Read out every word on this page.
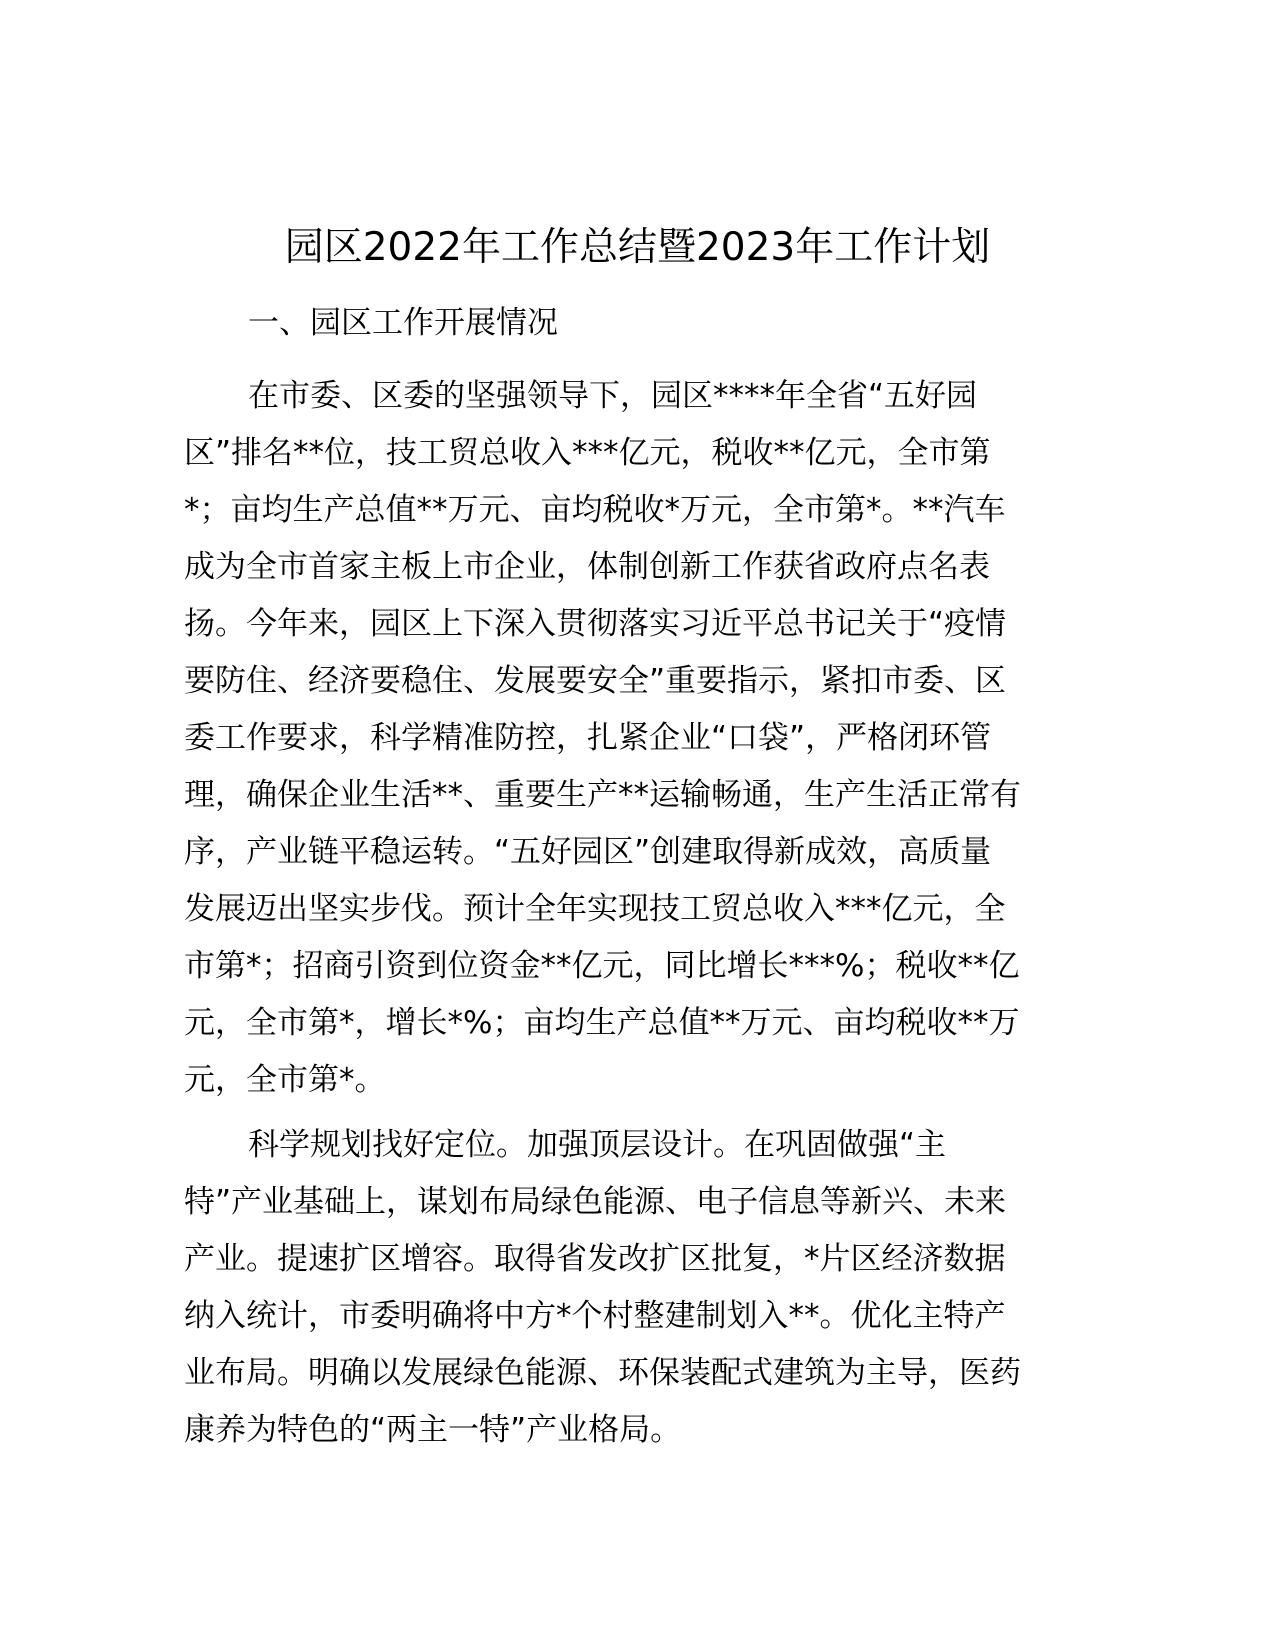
园区2022年工作总结暨2023年工作计划

一、园区工作开展情况

在市委、区委的坚强领导下，园区****年全省“五好园
区”排名**位，技工贸总收入***亿元，税收**亿元，全市第
*；亩均生产总值**万元、亩均税收*万元，全市第*。**汽车
成为全市首家主板上市企业，体制创新工作获省政府点名表
扬。今年来，园区上下深入贯彻落实习近平总书记关于“疫情
要防住、经济要稳住、发展要安全”重要指示，紧扣市委、区
委工作要求，科学精准防控，扎紧企业“口袋”，严格闭环管
理，确保企业生活**、重要生产**运输畅通，生产生活正常有
序，产业链平稳运转。“五好园区”创建取得新成效，高质量
发展迈出坚实步伐。预计全年实现技工贸总收入***亿元，全
市第*；招商引资到位资金**亿元，同比增长***%；税收**亿
元，全市第*，增长*%；亩均生产总值**万元、亩均税收**万
元，全市第*。
科学规划找好定位。加强顶层设计。在巩固做强“主
特”产业基础上，谋划布局绿色能源、电子信息等新兴、未来
产业。提速扩区增容。取得省发改扩区批复，*片区经济数据
纳入统计，市委明确将中方*个村整建制划入**。优化主特产
业布局。明确以发展绿色能源、环保装配式建筑为主导，医药
康养为特色的“两主一特”产业格局。
